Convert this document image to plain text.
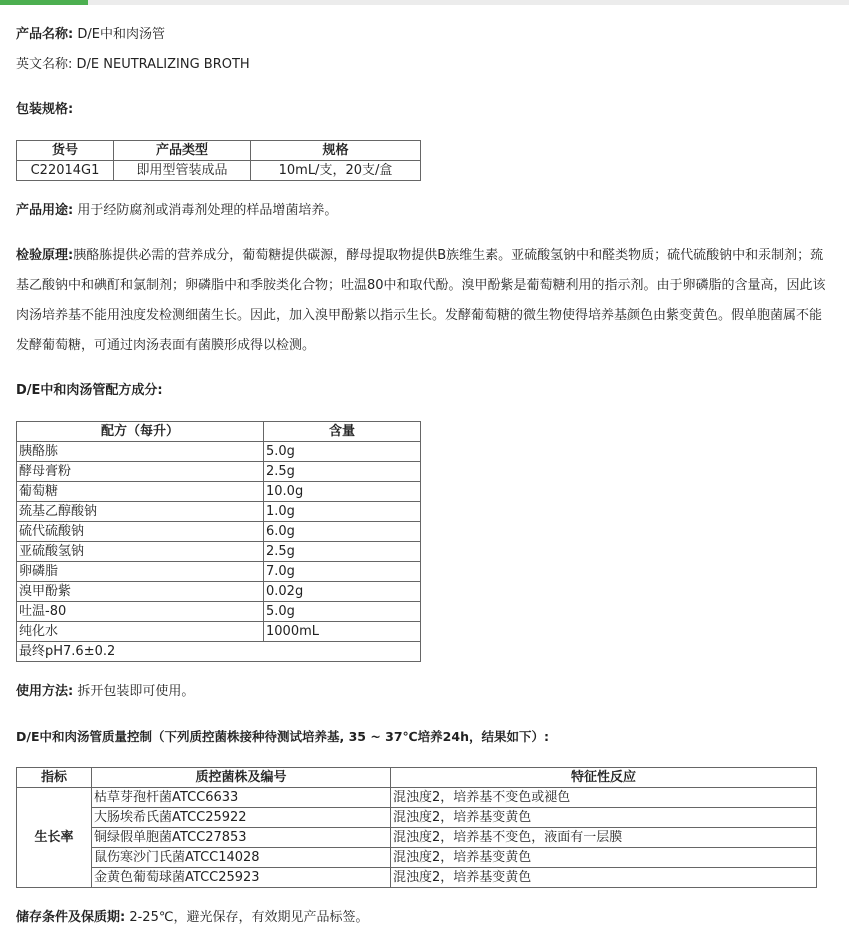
产品名称: D/E中和肉汤管
英文名称: D/E NEUTRALIZING BROTH
包装规格:
货号	产品类型	规格
C22014G1	即用型管装成品	10mL/支，20支/盒
产品用途: 用于经防腐剂或消毒剂处理的样品增菌培养。
检验原理:胰酪胨提供必需的营养成分，葡萄糖提供碳源，酵母提取物提供B族维生素。亚硫酸氢钠中和醛类物质；硫代硫酸钠中和汞制剂；巯基乙酸钠中和碘酊和氯制剂；卵磷脂中和季胺类化合物；吐温80中和取代酚。溴甲酚紫是葡萄糖利用的指示剂。由于卵磷脂的含量高，因此该肉汤培养基不能用浊度发检测细菌生长。因此，加入溴甲酚紫以指示生长。发酵葡萄糖的微生物使得培养基颜色由紫变黄色。假单胞菌属不能发酵葡萄糖，可通过肉汤表面有菌膜形成得以检测。
D/E中和肉汤管配方成分:
配方（每升）	含量
胰酪胨	5.0g
酵母膏粉	2.5g
葡萄糖	10.0g
巯基乙醇酸钠	1.0g
硫代硫酸钠	6.0g
亚硫酸氢钠	2.5g
卵磷脂	7.0g
溴甲酚紫	0.02g
吐温-80	5.0g
纯化水	1000mL
最终pH7.6±0.2	
使用方法: 拆开包装即可使用。
D/E中和肉汤管质量控制（下列质控菌株接种待测试培养基, 35 ~ 37℃培养24h，结果如下）:
指标	质控菌株及编号	特征性反应
生长率	枯草芽孢杆菌ATCC6633	混浊度2，培养基不变色或褪色
	大肠埃希氏菌ATCC25922	混浊度2，培养基变黄色
	铜绿假单胞菌ATCC27853	混浊度2，培养基不变色，液面有一层膜
	鼠伤寒沙门氏菌ATCC14028	混浊度2，培养基变黄色
	金黄色葡萄球菌ATCC25923	混浊度2，培养基变黄色
储存条件及保质期: 2-25℃，避光保存，有效期见产品标签。
